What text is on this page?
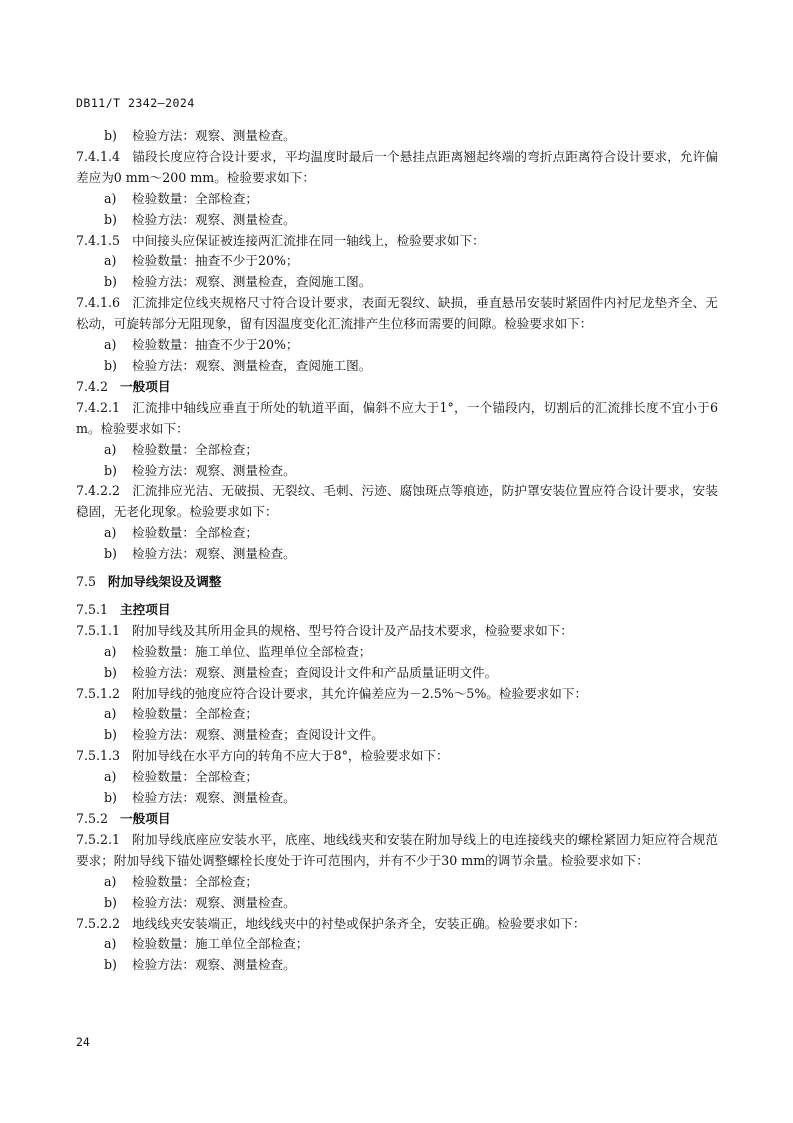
DB11/T 2342—2024
b) 检验方法：观察、测量检查。
7.4.1.4 锚段长度应符合设计要求，平均温度时最后一个悬挂点距离翘起终端的弯折点距离符合设计要求，允许偏差应为0 mm～200 mm。检验要求如下：
a) 检验数量：全部检查；
b) 检验方法：观察、测量检查。
7.4.1.5 中间接头应保证被连接两汇流排在同一轴线上，检验要求如下：
a) 检验数量：抽查不少于20%；
b) 检验方法：观察、测量检查，查阅施工图。
7.4.1.6 汇流排定位线夹规格尺寸符合设计要求，表面无裂纹、缺损，垂直悬吊安装时紧固件内衬尼龙垫齐全、无松动，可旋转部分无阻现象，留有因温度变化汇流排产生位移而需要的间隙。检验要求如下：
a) 检验数量：抽查不少于20%；
b) 检验方法：观察、测量检查，查阅施工图。
7.4.2 一般项目
7.4.2.1 汇流排中轴线应垂直于所处的轨道平面，偏斜不应大于1°，一个锚段内，切割后的汇流排长度不宜小于6 m。检验要求如下：
a) 检验数量：全部检查；
b) 检验方法：观察、测量检查。
7.4.2.2 汇流排应光洁、无破损、无裂纹、毛刺、污迹、腐蚀斑点等痕迹，防护罩安装位置应符合设计要求，安装稳固，无老化现象。检验要求如下：
a) 检验数量：全部检查；
b) 检验方法：观察、测量检查。
7.5 附加导线架设及调整
7.5.1 主控项目
7.5.1.1 附加导线及其所用金具的规格、型号符合设计及产品技术要求，检验要求如下：
a) 检验数量：施工单位、监理单位全部检查；
b) 检验方法：观察、测量检查；查阅设计文件和产品质量证明文件。
7.5.1.2 附加导线的弛度应符合设计要求，其允许偏差应为－2.5%～5%。检验要求如下：
a) 检验数量：全部检查；
b) 检验方法：观察、测量检查；查阅设计文件。
7.5.1.3 附加导线在水平方向的转角不应大于8°，检验要求如下：
a) 检验数量：全部检查；
b) 检验方法：观察、测量检查。
7.5.2 一般项目
7.5.2.1 附加导线底座应安装水平，底座、地线线夹和安装在附加导线上的电连接线夹的螺栓紧固力矩应符合规范要求；附加导线下锚处调整螺栓长度处于许可范围内，并有不少于30 mm的调节余量。检验要求如下：
a) 检验数量：全部检查；
b) 检验方法：观察、测量检查。
7.5.2.2 地线线夹安装端正，地线线夹中的衬垫或保护条齐全，安装正确。检验要求如下：
a) 检验数量：施工单位全部检查；
b) 检验方法：观察、测量检查。
24
